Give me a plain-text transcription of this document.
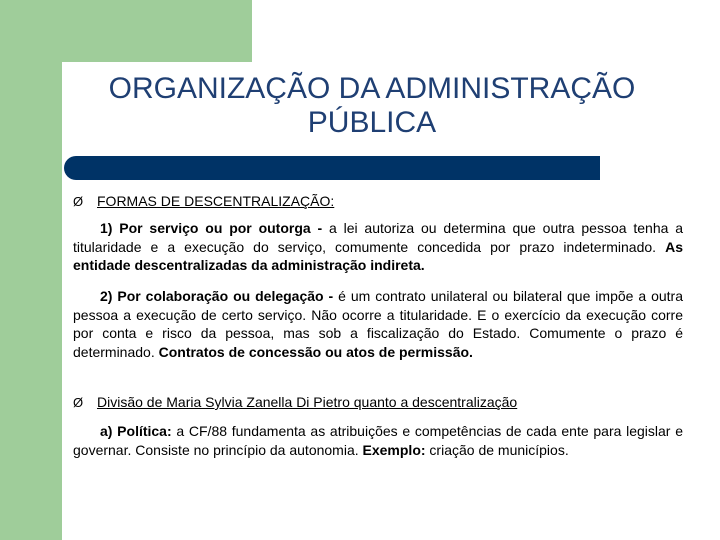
ORGANIZAÇÃO DA ADMINISTRAÇÃO PÚBLICA
Ø FORMAS DE DESCENTRALIZAÇÃO:
1) Por serviço ou por outorga - a lei autoriza ou determina que outra pessoa tenha a titularidade e a execução do serviço, comumente concedida por prazo indeterminado. As entidade descentralizadas da administração indireta.
2) Por colaboração ou delegação - é um contrato unilateral ou bilateral que impõe a outra pessoa a execução de certo serviço. Não ocorre a titularidade. E o exercício da execução corre por conta e risco da pessoa, mas sob a fiscalização do Estado. Comumente o prazo é determinado. Contratos de concessão ou atos de permissão.
Ø Divisão de Maria Sylvia Zanella Di Pietro quanto a descentralização
a) Política: a CF/88 fundamenta as atribuições e competências de cada ente para legislar e governar. Consiste no princípio da autonomia. Exemplo: criação de municípios.
